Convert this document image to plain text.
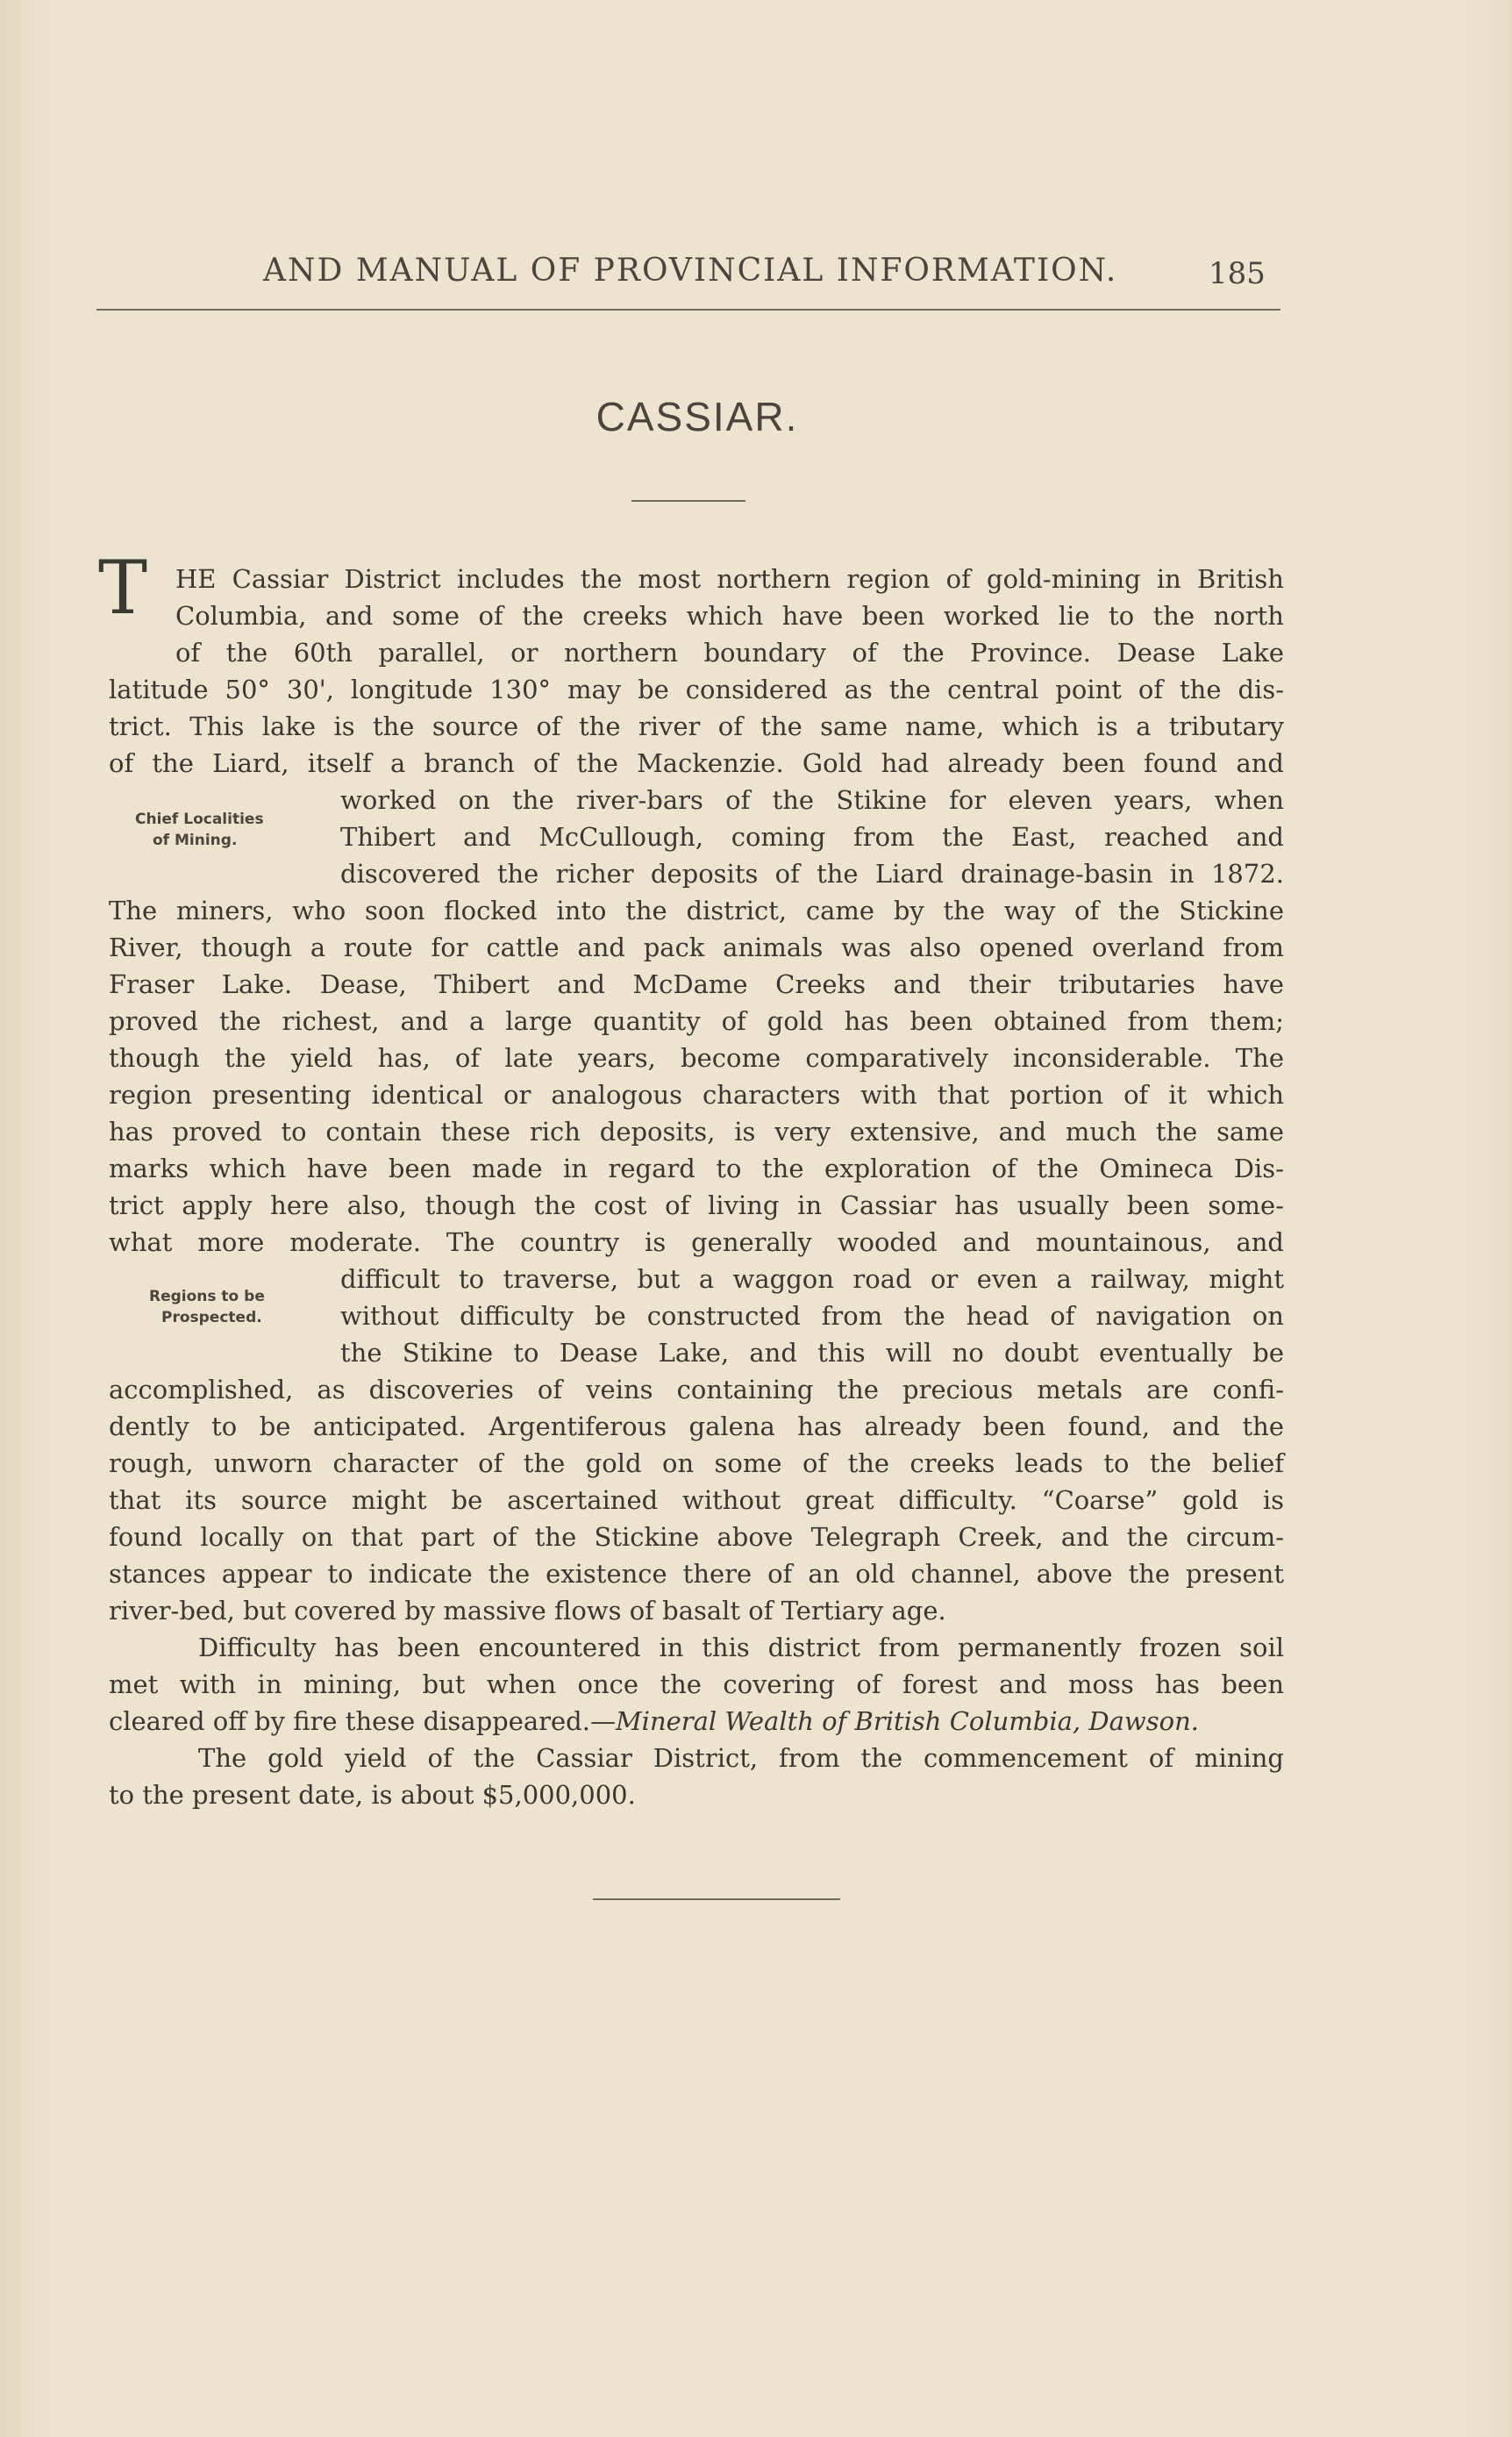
AND MANUAL OF PROVINCIAL INFORMATION.	185
CASSIAR.
T HE Cassiar District includes the most northern region of gold-mining in British
Columbia, and some of the creeks which have been worked lie to the north
of the 60th parallel, or northern boundary of the Province. Dease Lake
latitude 50° 30', longitude 130° may be considered as the central point of the dis-
trict. This lake is the source of the river of the same name, which is a tributary
of the Liard, itself a branch of the Mackenzie. Gold had already been found and
Chief Localities
of Mining.
worked on the river-bars of the Stikine for eleven years, when
Thibert and McCullough, coming from the East, reached and
discovered the richer deposits of the Liard drainage-basin in 1872.
The miners, who soon flocked into the district, came by the way of the Stickine
River, though a route for cattle and pack animals was also opened overland from
Fraser Lake. Dease, Thibert and McDame Creeks and their tributaries have
proved the richest, and a large quantity of gold has been obtained from them;
though the yield has, of late years, become comparatively inconsiderable. The
region presenting identical or analogous characters with that portion of it which
has proved to contain these rich deposits, is very extensive, and much the same
marks which have been made in regard to the exploration of the Omineca Dis-
trict apply here also, though the cost of living in Cassiar has usually been some-
what more moderate. The country is generally wooded and mountainous, and
Regions to be
Prospected.
difficult to traverse, but a waggon road or even a railway, might
without difficulty be constructed from the head of navigation on
the Stikine to Dease Lake, and this will no doubt eventually be
accomplished, as discoveries of veins containing the precious metals are confi-
dently to be anticipated. Argentiferous galena has already been found, and the
rough, unworn character of the gold on some of the creeks leads to the belief
that its source might be ascertained without great difficulty. “Coarse” gold is
found locally on that part of the Stickine above Telegraph Creek, and the circum-
stances appear to indicate the existence there of an old channel, above the present
river-bed, but covered by massive flows of basalt of Tertiary age.
Difficulty has been encountered in this district from permanently frozen soil
met with in mining, but when once the covering of forest and moss has been
cleared off by fire these disappeared.—Mineral Wealth of British Columbia, Dawson.
The gold yield of the Cassiar District, from the commencement of mining
to the present date, is about $5,000,000.
